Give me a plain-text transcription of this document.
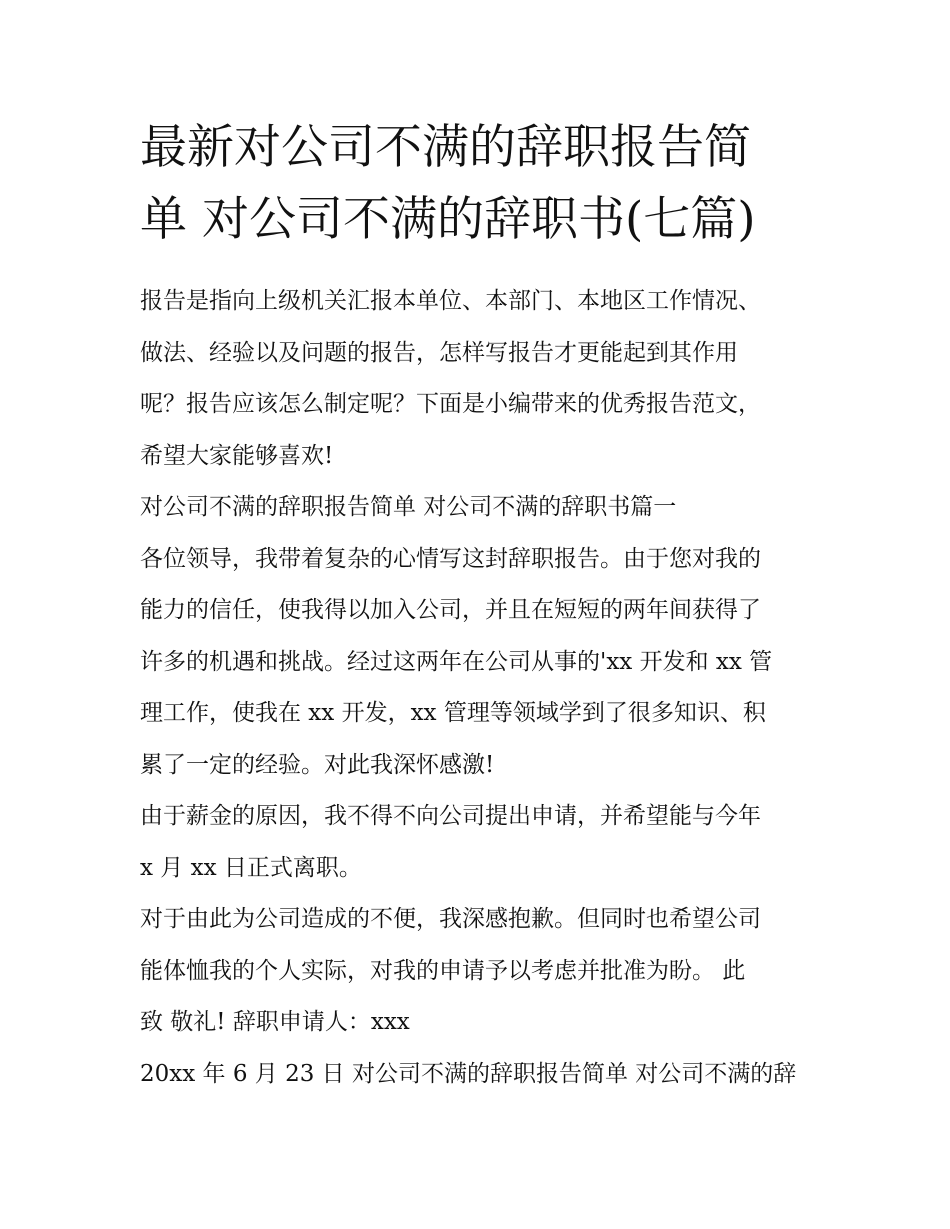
最新对公司不满的辞职报告简
单 对公司不满的辞职书(七篇)
报告是指向上级机关汇报本单位、本部门、本地区工作情况、
做法、经验以及问题的报告，怎样写报告才更能起到其作用
呢？报告应该怎么制定呢？下面是小编带来的优秀报告范文，
希望大家能够喜欢!
对公司不满的辞职报告简单 对公司不满的辞职书篇一
各位领导，我带着复杂的心情写这封辞职报告。由于您对我的
能力的信任，使我得以加入公司，并且在短短的两年间获得了
许多的机遇和挑战。经过这两年在公司从事的'xx 开发和 xx 管
理工作，使我在 xx 开发，xx 管理等领域学到了很多知识、积
累了一定的经验。对此我深怀感激!
由于薪金的原因，我不得不向公司提出申请，并希望能与今年
x 月 xx 日正式离职。
对于由此为公司造成的不便，我深感抱歉。但同时也希望公司
能体恤我的个人实际，对我的申请予以考虑并批准为盼。 此
致 敬礼! 辞职申请人：xxx
20xx 年 6 月 23 日 对公司不满的辞职报告简单 对公司不满的辞
